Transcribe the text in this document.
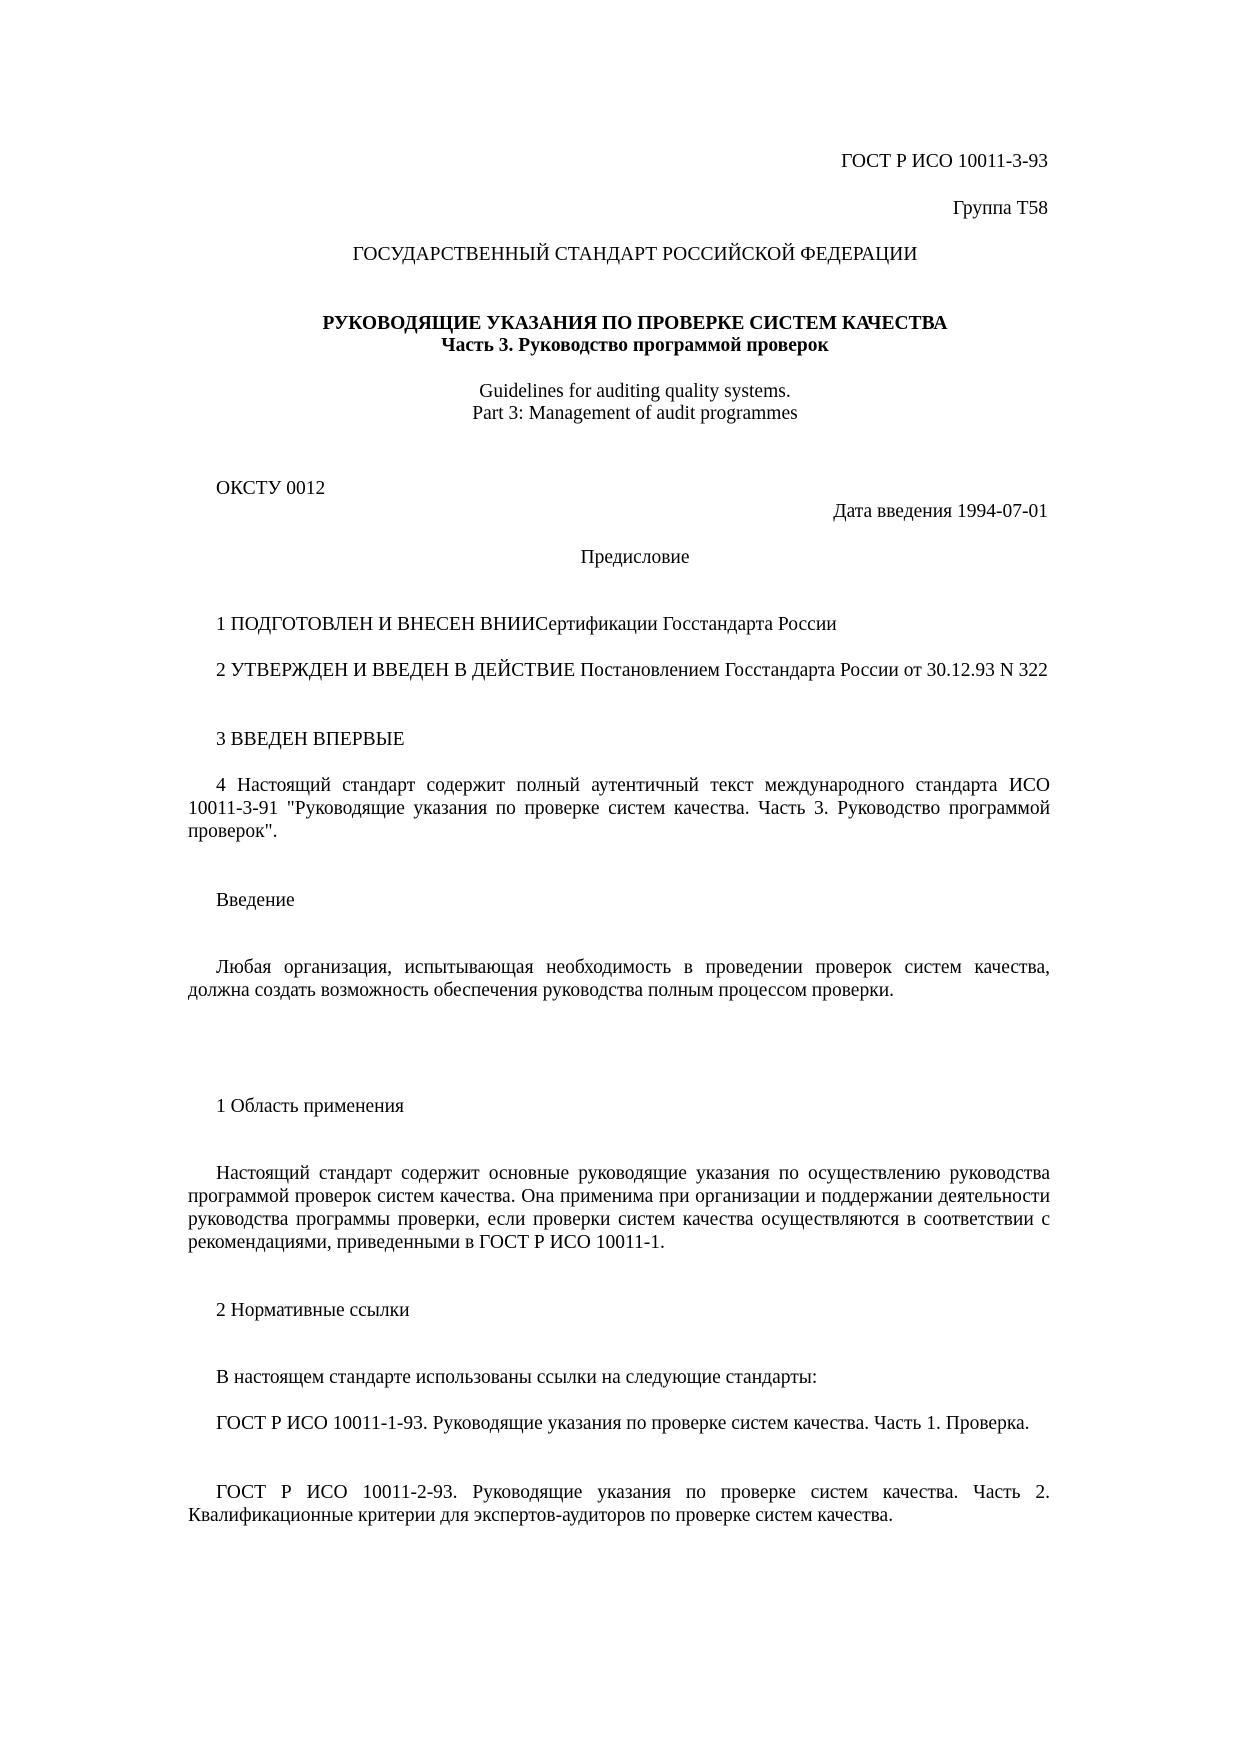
ГОСТ Р ИСО 10011-3-93

Группа Т58

ГОСУДАРСТВЕННЫЙ СТАНДАРТ РОССИЙСКОЙ ФЕДЕРАЦИИ

РУКОВОДЯЩИЕ УКАЗАНИЯ ПО ПРОВЕРКЕ СИСТЕМ КАЧЕСТВА

Часть 3. Руководство программой проверок

Guidelines for auditing quality systems.

Part 3: Management of audit programmes

ОКСТУ 0012

Дата введения 1994-07-01

Предисловие

1 ПОДГОТОВЛЕН И ВНЕСЕН ВНИИСертификации Госстандарта России

2 УТВЕРЖДЕН И ВВЕДЕН В ДЕЙСТВИЕ Постановлением Госстандарта России от 30.12.93 N 322

3 ВВЕДЕН ВПЕРВЫЕ

4 Настоящий стандарт содержит полный аутентичный текст международного стандарта ИСО 10011-3-91 "Руководящие указания по проверке систем качества. Часть 3. Руководство программой проверок".

Введение

Любая организация, испытывающая необходимость в проведении проверок систем качества, должна создать возможность обеспечения руководства полным процессом проверки.

1 Область применения

Настоящий стандарт содержит основные руководящие указания по осуществлению руководства программой проверок систем качества. Она применима при организации и поддержании деятельности руководства программы проверки, если проверки систем качества осуществляются в соответствии с рекомендациями, приведенными в ГОСТ Р ИСО 10011-1.

2 Нормативные ссылки

В настоящем стандарте использованы ссылки на следующие стандарты:

ГОСТ Р ИСО 10011-1-93. Руководящие указания по проверке систем качества. Часть 1. Проверка.

ГОСТ Р ИСО 10011-2-93. Руководящие указания по проверке систем качества. Часть 2. Квалификационные критерии для экспертов-аудиторов по проверке систем качества.
